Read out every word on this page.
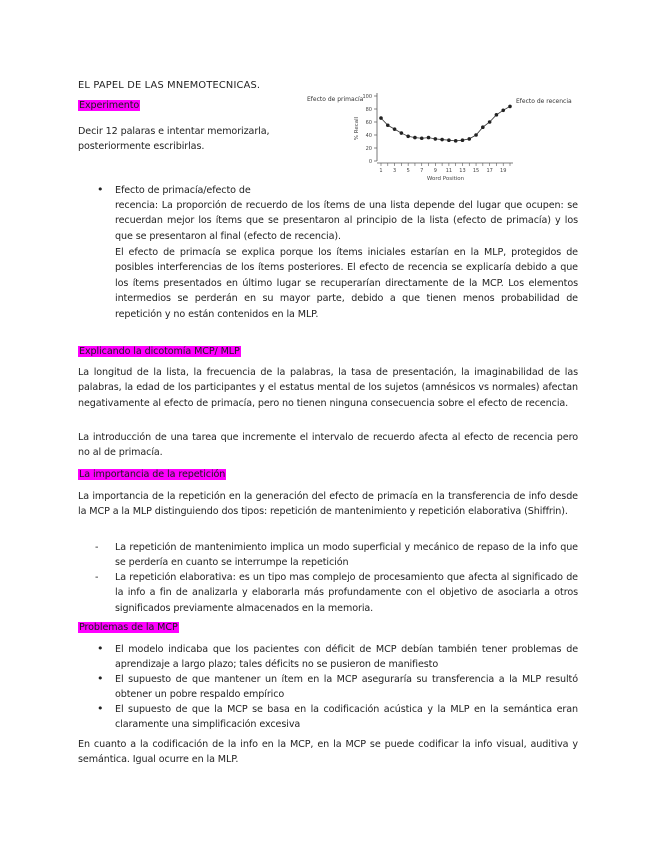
EL PAPEL DE LAS MNEMOTECNICAS.
Experimento
Decir 12 palaras e intentar memorizarla, posteriormente escribirlas.
0
20
40
60
80
100
1 3 5 7 9 11 13 15 17 19
Word Position
% Recall
Efecto de primacía	Efecto de recencia
• Efecto de primacía/efecto de
recencia: La proporción de recuerdo de los ítems de una lista depende del lugar que ocupen: se recuerdan mejor los ítems que se presentaron al principio de la lista (efecto de primacía) y los que se presentaron al final (efecto de recencia).
El efecto de primacía se explica porque los ítems iniciales estarían en la MLP, protegidos de posibles interferencias de los ítems posteriores. El efecto de recencia se explicaría debido a que los ítems presentados en último lugar se recuperarían directamente de la MCP. Los elementos intermedios se perderán en su mayor parte, debido a que tienen menos probabilidad de repetición y no están contenidos en la MLP.
Explicando la dicotomía MCP/ MLP
La longitud de la lista, la frecuencia de la palabras, la tasa de presentación, la imaginabilidad de las palabras, la edad de los participantes y el estatus mental de los sujetos (amnésicos vs normales) afectan negativamente al efecto de primacía, pero no tienen ninguna consecuencia sobre el efecto de recencia.
La introducción de una tarea que incremente el intervalo de recuerdo afecta al efecto de recencia pero no al de primacía.
La importancia de la repetición
La importancia de la repetición en la generación del efecto de primacía en la transferencia de info desde la MCP a la MLP distinguiendo dos tipos: repetición de mantenimiento y repetición elaborativa (Shiffrin).
- La repetición de mantenimiento implica un modo superficial y mecánico de repaso de la info que se perdería en cuanto se interrumpe la repetición
- La repetición elaborativa: es un tipo mas complejo de procesamiento que afecta al significado de la info a fin de analizarla y elaborarla más profundamente con el objetivo de asociarla a otros significados previamente almacenados en la memoria.
Problemas de la MCP
• El modelo indicaba que los pacientes con déficit de MCP debían también tener problemas de aprendizaje a largo plazo; tales déficits no se pusieron de manifiesto
• El supuesto de que mantener un ítem en la MCP aseguraría su transferencia a la MLP resultó obtener un pobre respaldo empírico
• El supuesto de que la MCP se basa en la codificación acústica y la MLP en la semántica eran claramente una simplificación excesiva
En cuanto a la codificación de la info en la MCP, en la MCP se puede codificar la info visual, auditiva y semántica. Igual ocurre en la MLP.
